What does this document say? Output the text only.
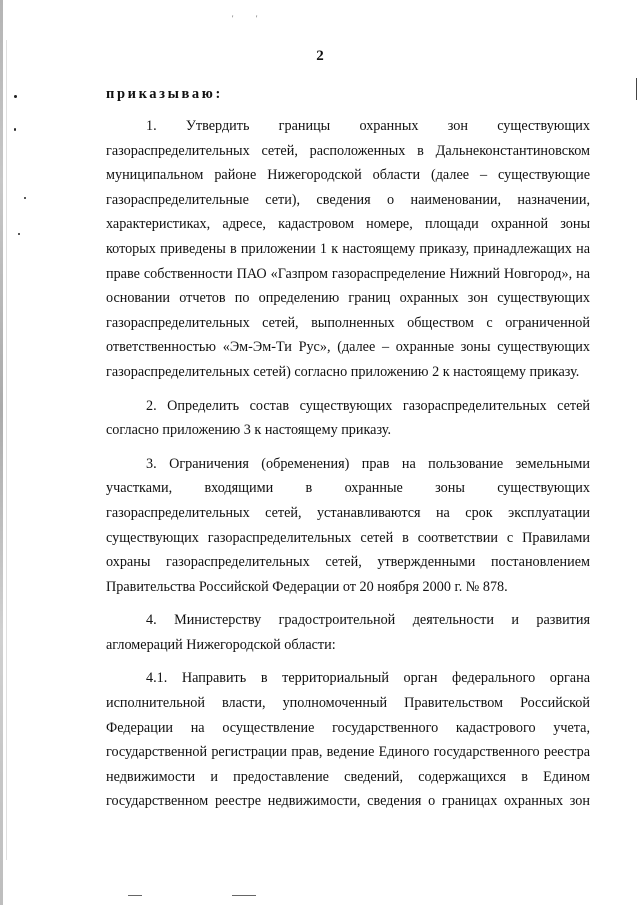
'	'
2
приказываю:

1. Утвердить границы охранных зон существующих газораспределительных сетей, расположенных в Дальнеконстантиновском муниципальном районе Нижегородской области (далее – существующие газораспределительные сети), сведения о наименовании, назначении, характеристиках, адресе, кадастровом номере, площади охранной зоны которых приведены в приложении 1 к настоящему приказу, принадлежащих на праве собственности ПАО «Газпром газораспределение Нижний Новгород», на основании отчетов по определению границ охранных зон существующих газораспределительных сетей, выполненных обществом с ограниченной ответственностью «Эм-Эм-Ти Рус», (далее – охранные зоны существующих газораспределительных сетей) согласно приложению 2 к настоящему приказу.

2. Определить состав существующих газораспределительных сетей согласно приложению 3 к настоящему приказу.

3. Ограничения (обременения) прав на пользование земельными участками, входящими в охранные зоны существующих газораспределительных сетей, устанавливаются на срок эксплуатации существующих газораспределительных сетей в соответствии с Правилами охраны газораспределительных сетей, утвержденными постановлением Правительства Российской Федерации от 20 ноября 2000 г. № 878.

4. Министерству градостроительной деятельности и развития агломераций Нижегородской области:

4.1. Направить в территориальный орган федерального органа исполнительной власти, уполномоченный Правительством Российской Федерации на осуществление государственного кадастрового учета, государственной регистрации прав, ведение Единого государственного реестра недвижимости и предоставление сведений, содержащихся в Едином государственном реестре недвижимости, сведения о границах охранных зон
